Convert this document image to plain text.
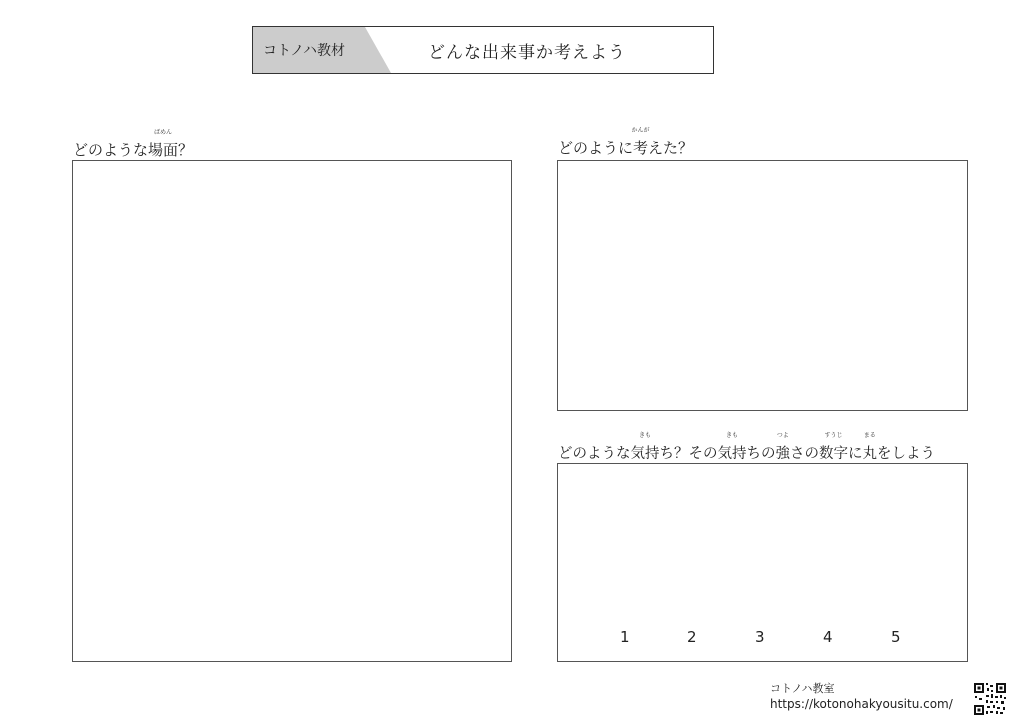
コトノハ教材	どんな出来事か考えよう
どのような場面
ばめん
？	どのように考
かんが
えた？
どのような気持
きも
ち？その気持
きも
ちの強
つよ
さの数字
すうじ
に丸
まる
をしよう
1	2	3	4	5
コトノハ教室
https://kotonohakyousitu.com/
